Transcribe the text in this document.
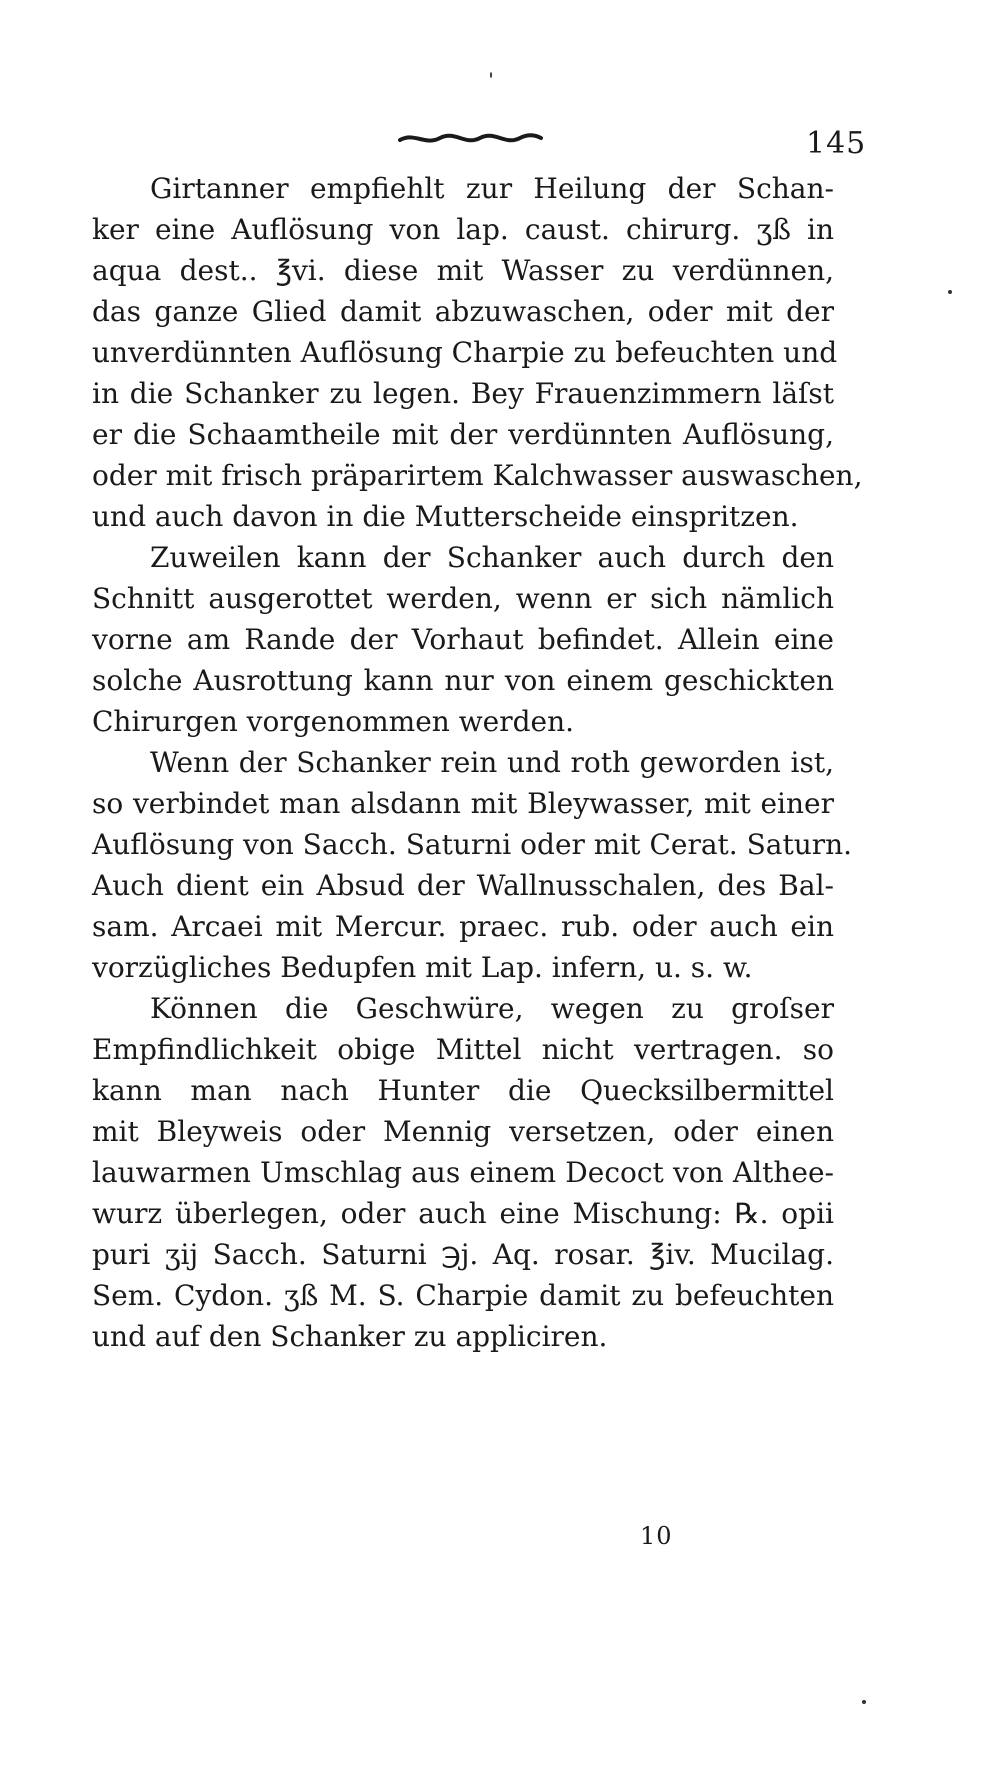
145

Girtanner empfiehlt zur Heilung der Schan-
ker eine Auflösung von lap. caust. chirurg. ʒß in
aqua dest.. ℥vi. diese mit Wasser zu verdünnen,
das ganze Glied damit abzuwaschen, oder mit der
unverdünnten Auflösung Charpie zu befeuchten und
in die Schanker zu legen. Bey Frauenzimmern läſst
er die Schaamtheile mit der verdünnten Auflösung,
oder mit frisch präparirtem Kalchwasser auswaschen,
und auch davon in die Mutterscheide einspritzen.

Zuweilen kann der Schanker auch durch den
Schnitt ausgerottet werden, wenn er sich nämlich
vorne am Rande der Vorhaut befindet. Allein eine
solche Ausrottung kann nur von einem geschickten
Chirurgen vorgenommen werden.

Wenn der Schanker rein und roth geworden ist,
so verbindet man alsdann mit Bleywasser, mit einer
Auflösung von Sacch. Saturni oder mit Cerat. Saturn.
Auch dient ein Absud der Wallnusschalen, des Bal-
sam. Arcaei mit Mercur. praec. rub. oder auch ein
vorzügliches Bedupfen mit Lap. infern, u. s. w.

Können die Geschwüre, wegen zu groſser
Empfindlichkeit obige Mittel nicht vertragen. so
kann man nach Hunter die Quecksilbermittel
mit Bleyweis oder Mennig versetzen, oder einen
lauwarmen Umschlag aus einem Decoct von Althee-
wurz überlegen, oder auch eine Mischung: ℞. opii
puri ʒij Sacch. Saturni ℈j. Aq. rosar. ℥iv. Mucilag.
Sem. Cydon. ʒß M. S. Charpie damit zu befeuchten
und auf den Schanker zu appliciren.

10
